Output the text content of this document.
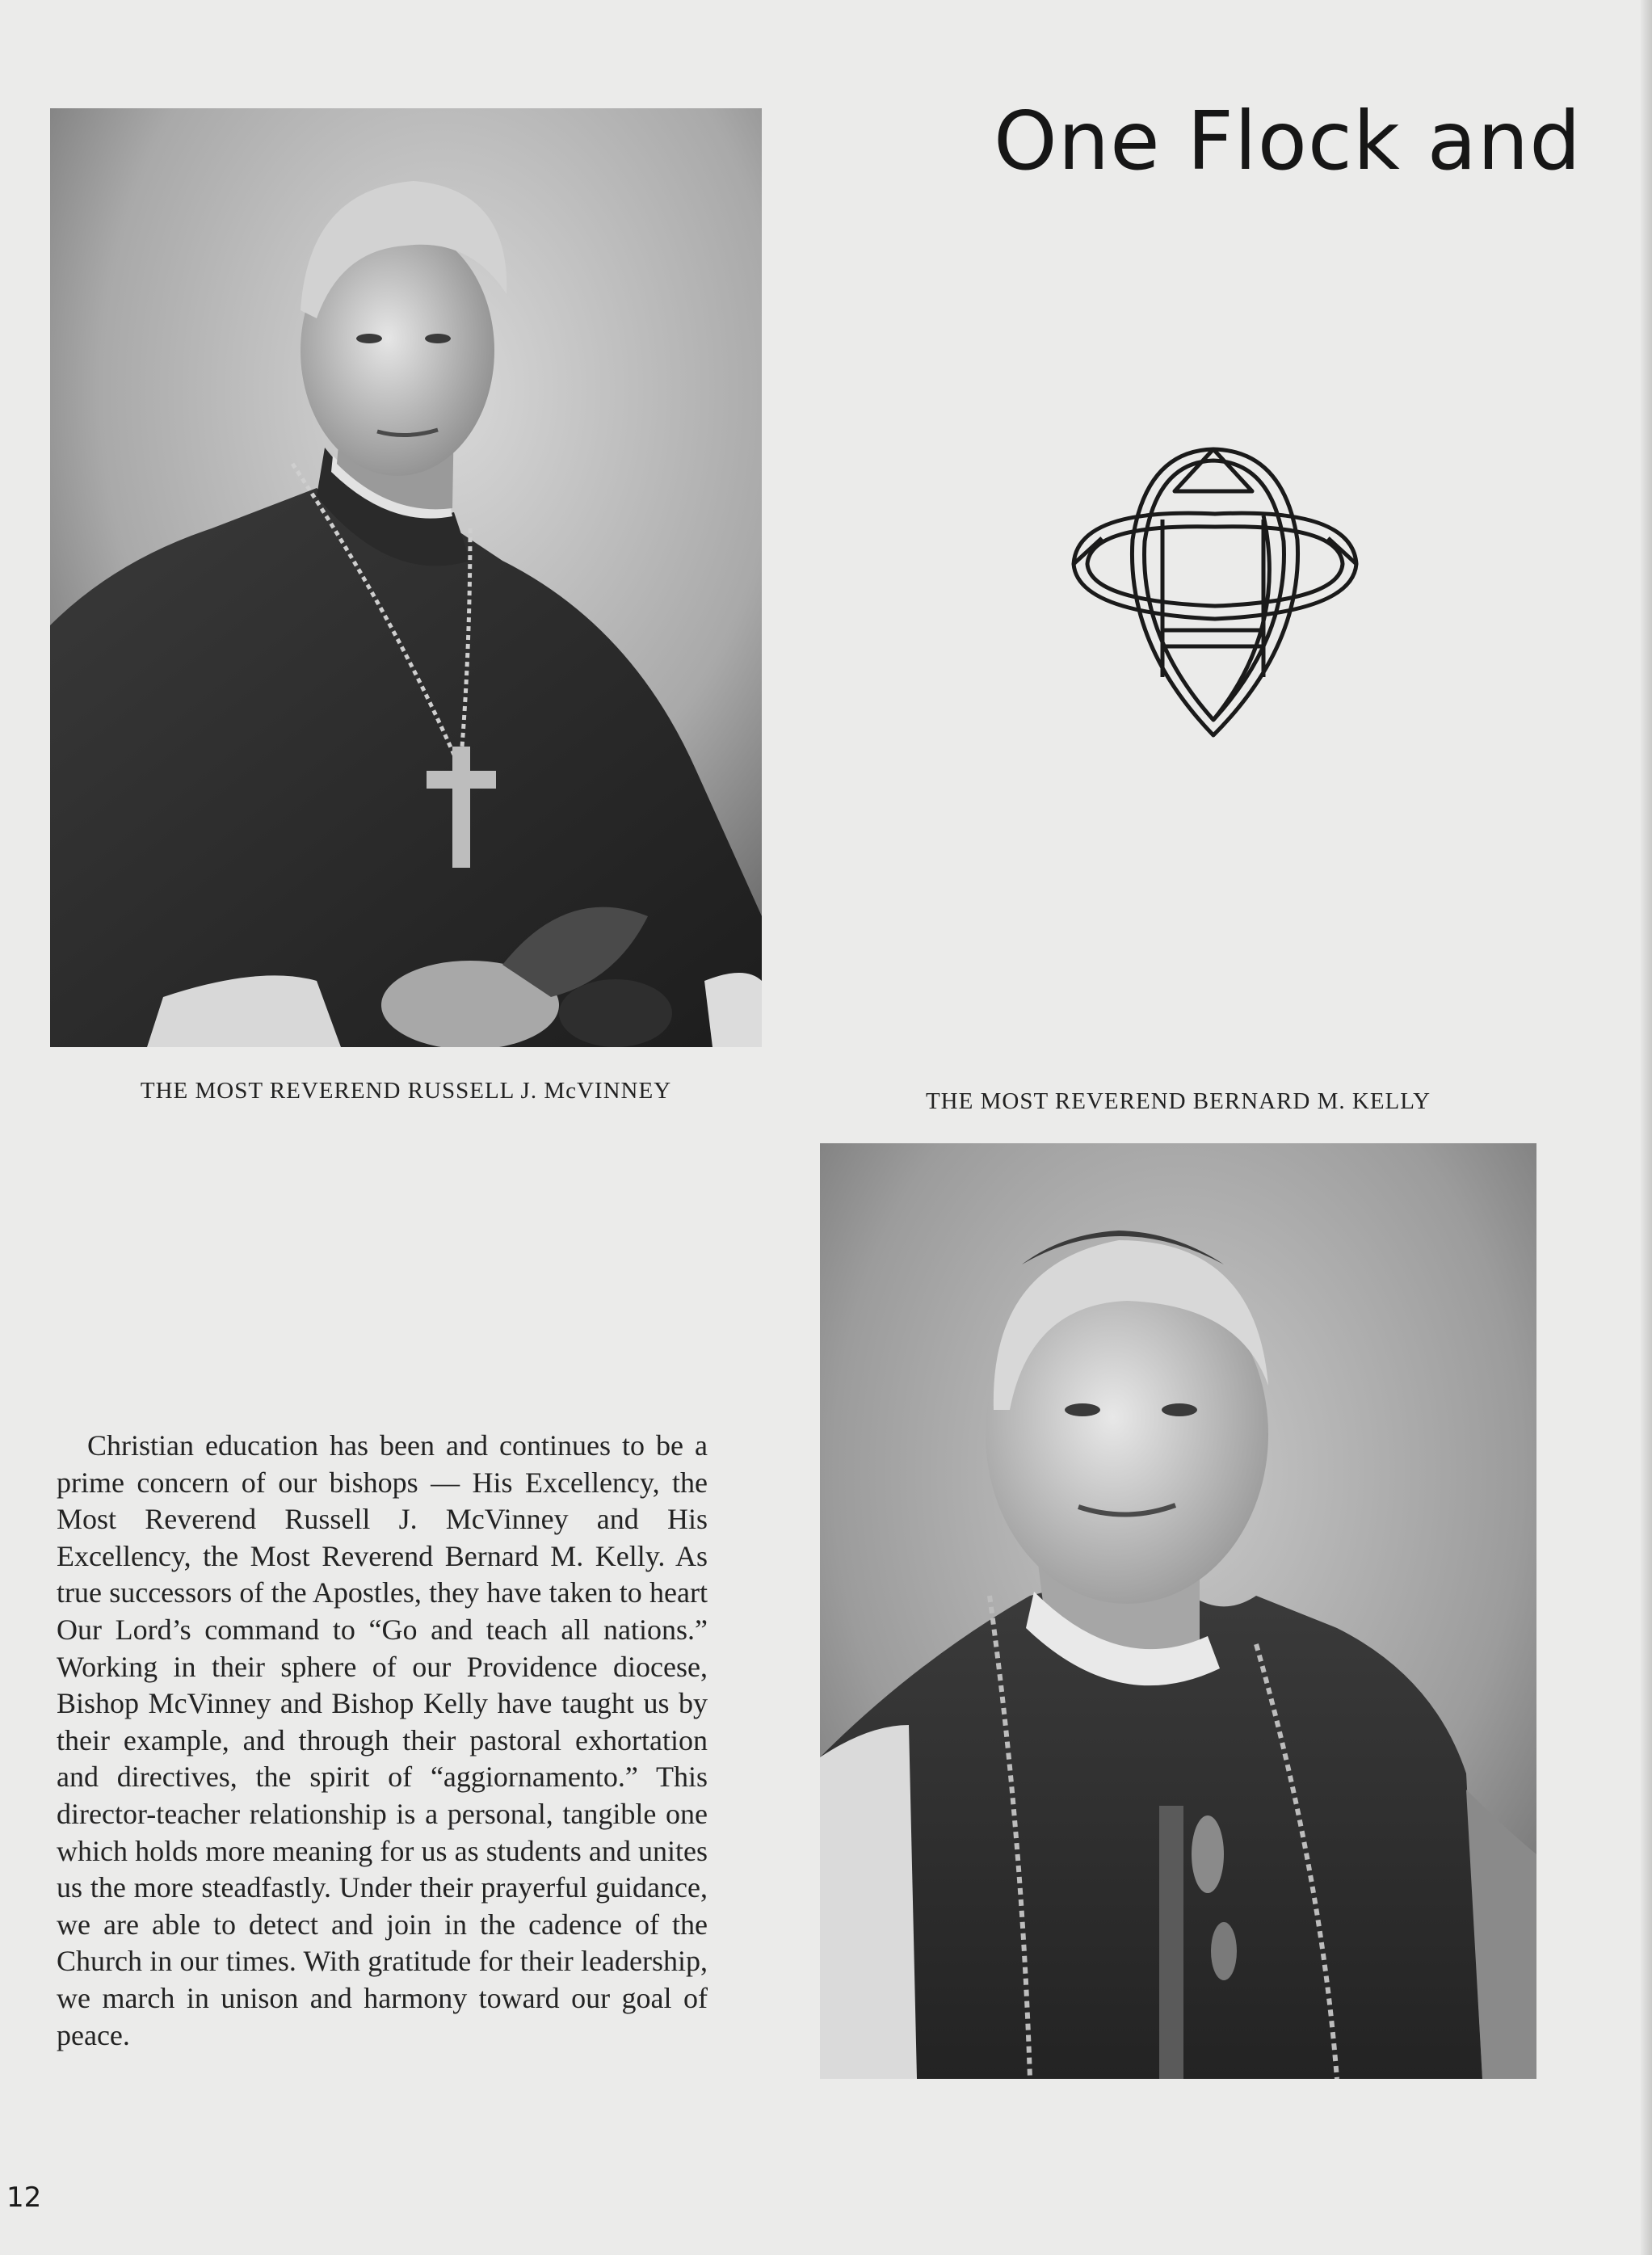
One Flock and
THE MOST REVEREND RUSSELL J. McVINNEY	THE MOST REVEREND BERNARD M. KELLY

Christian education has been and continues to be a prime concern of our bishops — His Excellency, the Most Reverend Russell J. McVinney and His Excellency, the Most Reverend Bernard M. Kelly. As true successors of the Apostles, they have taken to heart Our Lord’s command to “Go and teach all nations.” Working in their sphere of our Providence diocese, Bishop McVinney and Bishop Kelly have taught us by their example, and through their pastoral exhortation and directives, the spirit of “aggiornamento.” This director-teacher relationship is a personal, tangible one which holds more meaning for us as students and unites us the more steadfastly. Under their prayerful guidance, we are able to detect and join in the cadence of the Church in our times. With gratitude for their leadership, we march in unison and harmony toward our goal of peace.

12
